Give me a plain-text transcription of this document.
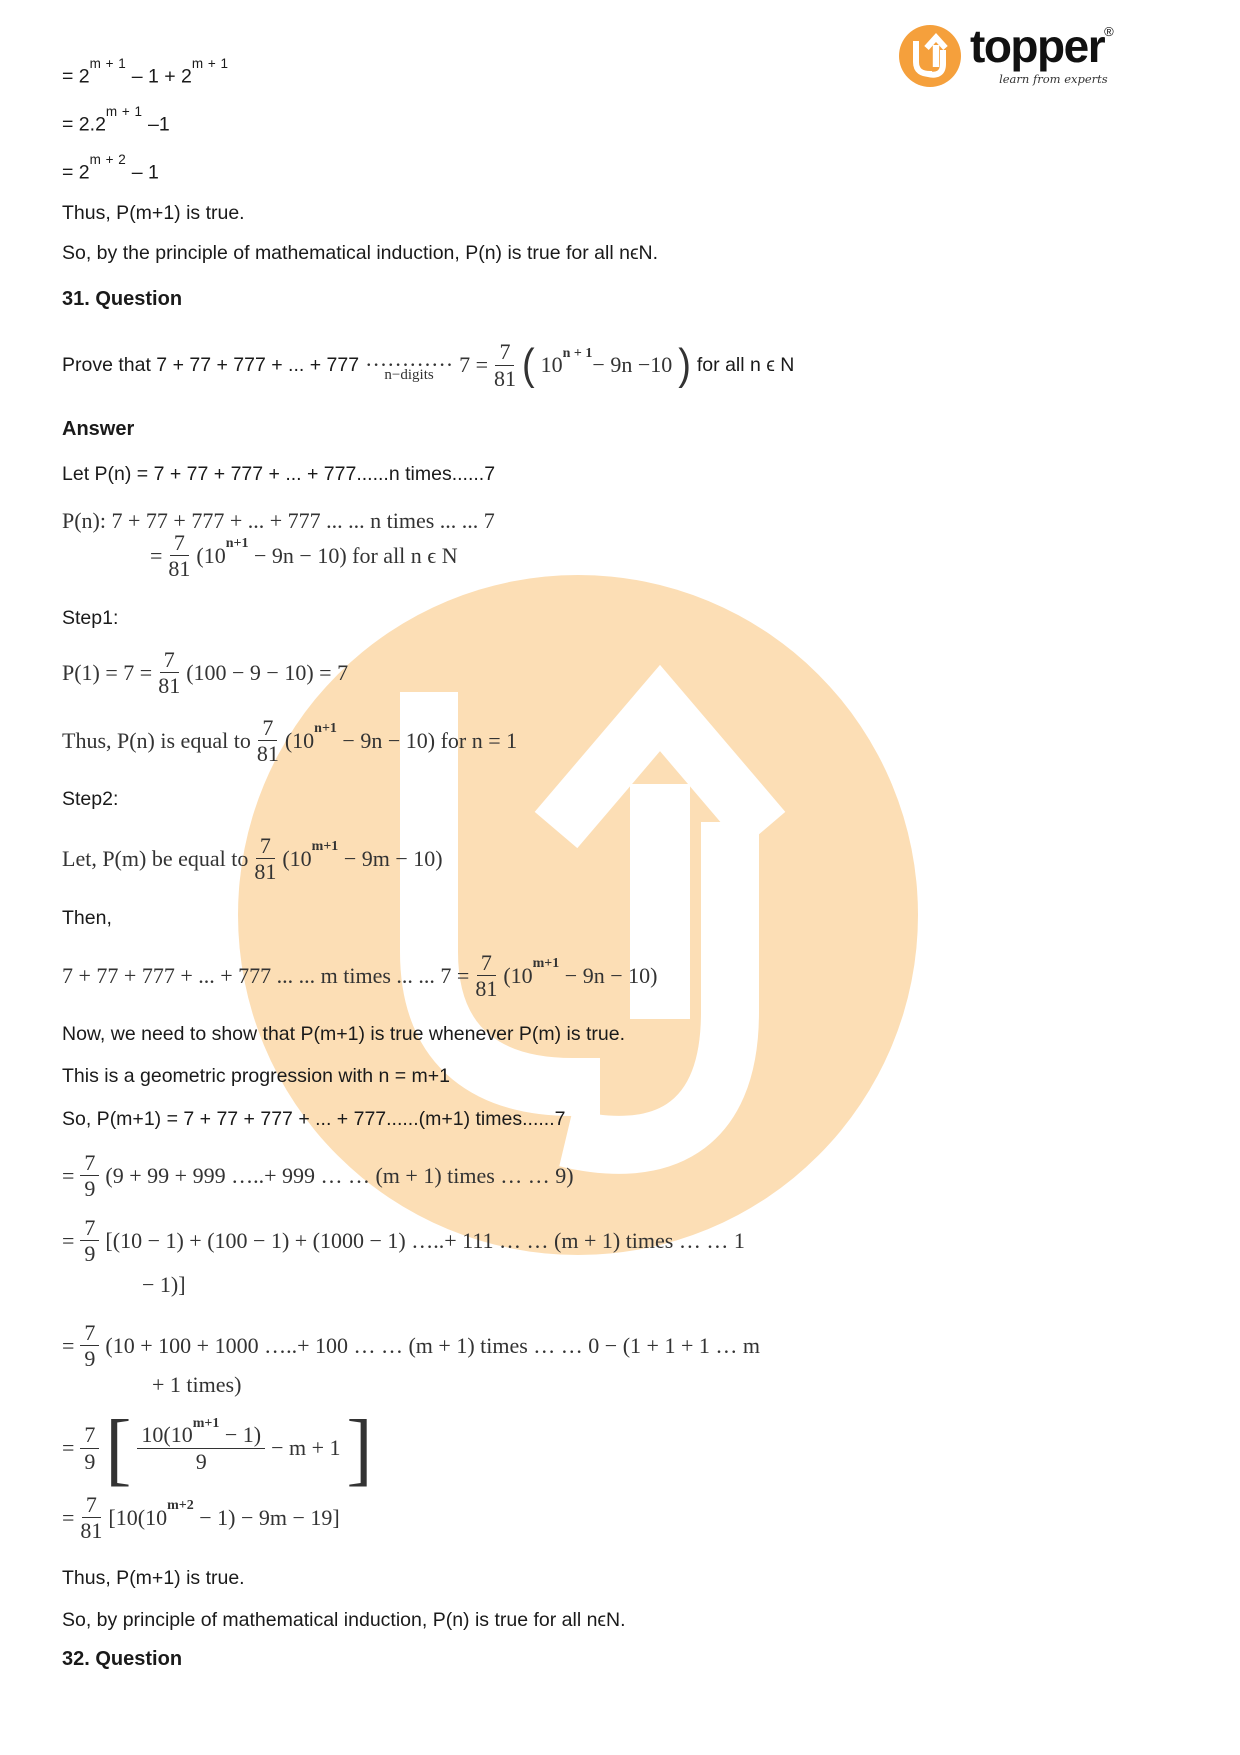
topper®
learn from experts
= $2^{m + 1} - 1 + 2^{m + 1}$
= $2.2^{m + 1}$ –1
= $2^{m + 2} - 1$
Thus, P(m+1) is true.
So, by the principle of mathematical induction, P(n) is true for all nϵN.
31. Question
Prove that 7 + 77 + 777 + ... + 777 …………
n−digits $7 = \frac{7}{81}$ ( $10^{n + 1}- 9n -10$ ) for all n ϵ N
Answer
Let P(n) = 7 + 77 + 777 + ... + 777......n times......7
P(n): 7 + 77 + 777 + ... + 777 ... ... n times ... ... 7
= $\frac{7}{81} (10^{n+1} - 9n - 10)$ for all n ϵ N
Step1:
$P(1) = 7 = \frac{7}{81} (100 - 9 - 10) = 7$
Thus, P(n) is equal to $\frac{7}{81} (10^{n+1} - 9n - 10)$ for n = 1
Step2:
Let, P(m) be equal to $\frac{7}{81} (10^{m+1} - 9m - 10)$
Then,
7 + 77 + 777 + ... + 777 ... ... m times ... ... $7 = \frac{7}{81} (10^{m+1} - 9n - 10)$
Now, we need to show that P(m+1) is true whenever P(m) is true.
This is a geometric progression with n = m+1
So, P(m+1) = 7 + 77 + 777 + ... + 777......(m+1) times......7
= $\frac{7}{9} (9 + 99 + 999$ …..+ 999 … … (m + 1) times … … 9)
= $\frac{7}{9} [(10 - 1) + (100 - 1) + (1000 - 1)$ …..+ 111 … … (m + 1) times … … 1
− 1)]
= $\frac{7}{9} (10 + 100 + 1000$ …..+ 100 … … (m + 1) times … … 0 − (1 + 1 + 1 … m
+ 1 times)
= $\frac{7}{9}$ [ $\frac{10(10^{m+1} - 1)}{9} - m + 1$ ]
= $\frac{7}{81} [10(10^{m+2} - 1) - 9m - 19]$
Thus, P(m+1) is true.
So, by principle of mathematical induction, P(n) is true for all nϵN.
32. Question
